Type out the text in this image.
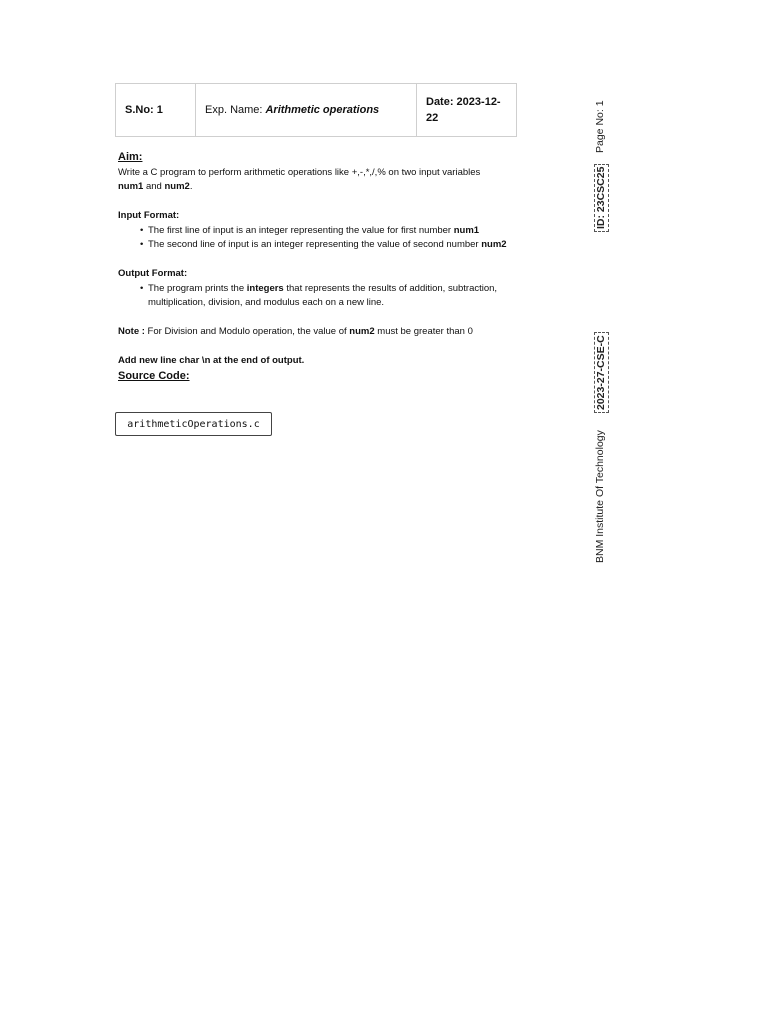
S.No: 1	Exp. Name: Arithmetic operations
Date: 2023-12-22
Aim:

Write a C program to perform arithmetic operations like +,-,*,/,% on two input variables
num1 and num2.

Input Format:
• The first line of input is an integer representing the value for first number num1
• The second line of input is an integer representing the value of second number num2
Output Format:
• The program prints the integers that represents the results of addition, subtraction, multiplication, division, and modulus each on a new line.

Note : For Division and Modulo operation, the value of num2 must be greater than 0

Add new line char \n at the end of output.

Source Code:
arithmeticOperations.c
Page No: 1
ID: 23CSC25
2023-27-CSE-C
BNM Institute Of Technology
